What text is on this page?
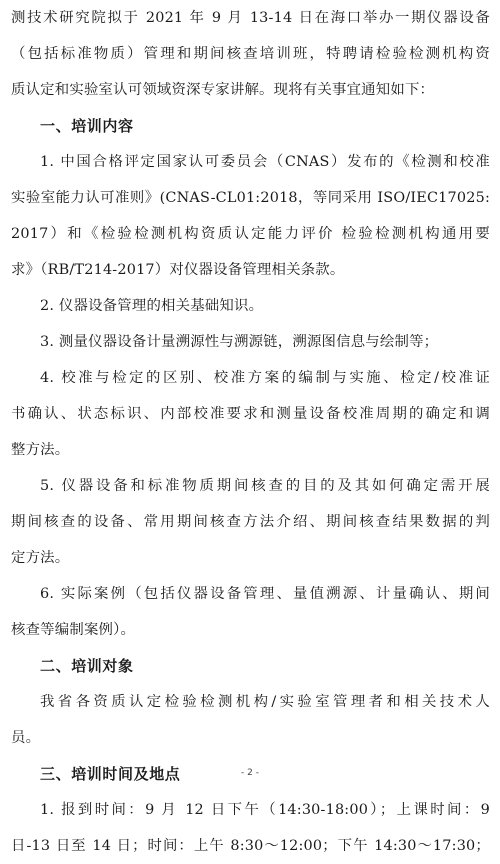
测技术研究院拟于 2021 年 9 月 13-14 日在海口举办一期仪器设备
（包括标准物质）管理和期间核查培训班，特聘请检验检测机构资
质认定和实验室认可领域资深专家讲解。现将有关事宜通知如下：
一、培训内容
1. 中国合格评定国家认可委员会（CNAS）发布的《检测和校准
实验室能力认可准则》(CNAS-CL01:2018，等同采用 ISO/IEC17025:
2017）和《检验检测机构资质认定能力评价 检验检测机构通用要
求》（RB/T214-2017）对仪器设备管理相关条款。
2. 仪器设备管理的相关基础知识。
3. 测量仪器设备计量溯源性与溯源链，溯源图信息与绘制等；
4. 校准与检定的区别、校准方案的编制与实施、检定/校准证
书确认、状态标识、内部校准要求和测量设备校准周期的确定和调
整方法。
5. 仪器设备和标准物质期间核查的目的及其如何确定需开展
期间核查的设备、常用期间核查方法介绍、期间核查结果数据的判
定方法。
6. 实际案例（包括仪器设备管理、量值溯源、计量确认、期间
核查等编制案例）。
二、培训对象
我省各资质认定检验检测机构/实验室管理者和相关技术人
员。
三、培训时间及地点
1. 报到时间：9 月 12 日下午（14:30-18:00）；上课时间：9
日-13 日至 14 日；时间：上午 8:30～12:00；下午 14:30～17:30；
- 2 -
